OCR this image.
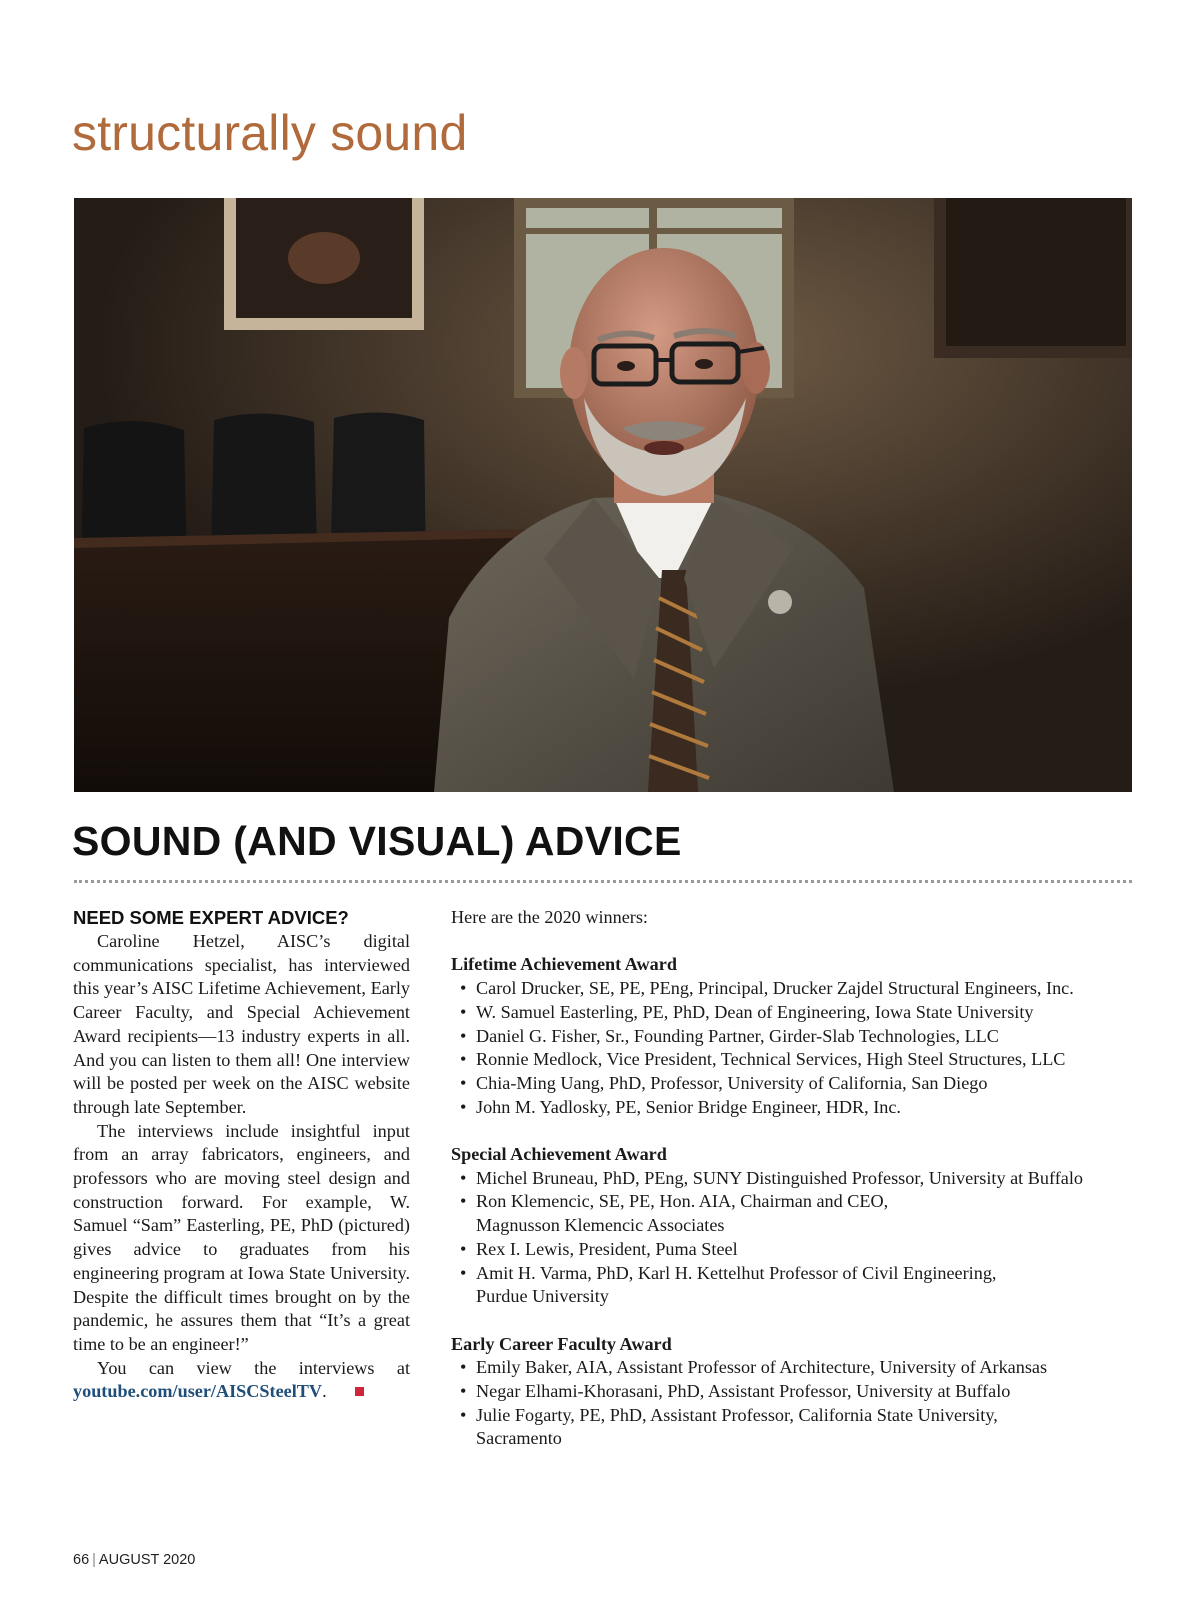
structurally sound
SOUND (AND VISUAL) ADVICE
NEED SOME EXPERT ADVICE?

Caroline Hetzel, AISC’s digital communications specialist, has interviewed this year’s AISC Lifetime Achievement, Early Career Faculty, and Special Achievement Award recipients—13 industry experts in all. And you can listen to them all! One interview will be posted per week on the AISC website through late September.

The interviews include insightful input from an array fabricators, engineers, and professors who are moving steel design and construction forward. For example, W. Samuel “Sam” Easterling, PE, PhD (pictured) gives advice to graduates from his engineering program at Iowa State University. Despite the difficult times brought on by the pandemic, he assures them that “It’s a great time to be an engineer!”

You can view the interviews at youtube.com/user/AISCSteelTV.

Here are the 2020 winners:

Lifetime Achievement Award
• Carol Drucker, SE, PE, PEng, Principal, Drucker Zajdel Structural Engineers, Inc.
• W. Samuel Easterling, PE, PhD, Dean of Engineering, Iowa State University
• Daniel G. Fisher, Sr., Founding Partner, Girder-Slab Technologies, LLC
• Ronnie Medlock, Vice President, Technical Services, High Steel Structures, LLC
• Chia-Ming Uang, PhD, Professor, University of California, San Diego
• John M. Yadlosky, PE, Senior Bridge Engineer, HDR, Inc.
Special Achievement Award
• Michel Bruneau, PhD, PEng, SUNY Distinguished Professor, University at Buffalo
• Ron Klemencic, SE, PE, Hon. AIA, Chairman and CEO,
Magnusson Klemencic Associates
• Rex I. Lewis, President, Puma Steel
• Amit H. Varma, PhD, Karl H. Kettelhut Professor of Civil Engineering,
Purdue University
Early Career Faculty Award
• Emily Baker, AIA, Assistant Professor of Architecture, University of Arkansas
• Negar Elhami-Khorasani, PhD, Assistant Professor, University at Buffalo
• Julie Fogarty, PE, PhD, Assistant Professor, California State University,
Sacramento
66 | AUGUST 2020
